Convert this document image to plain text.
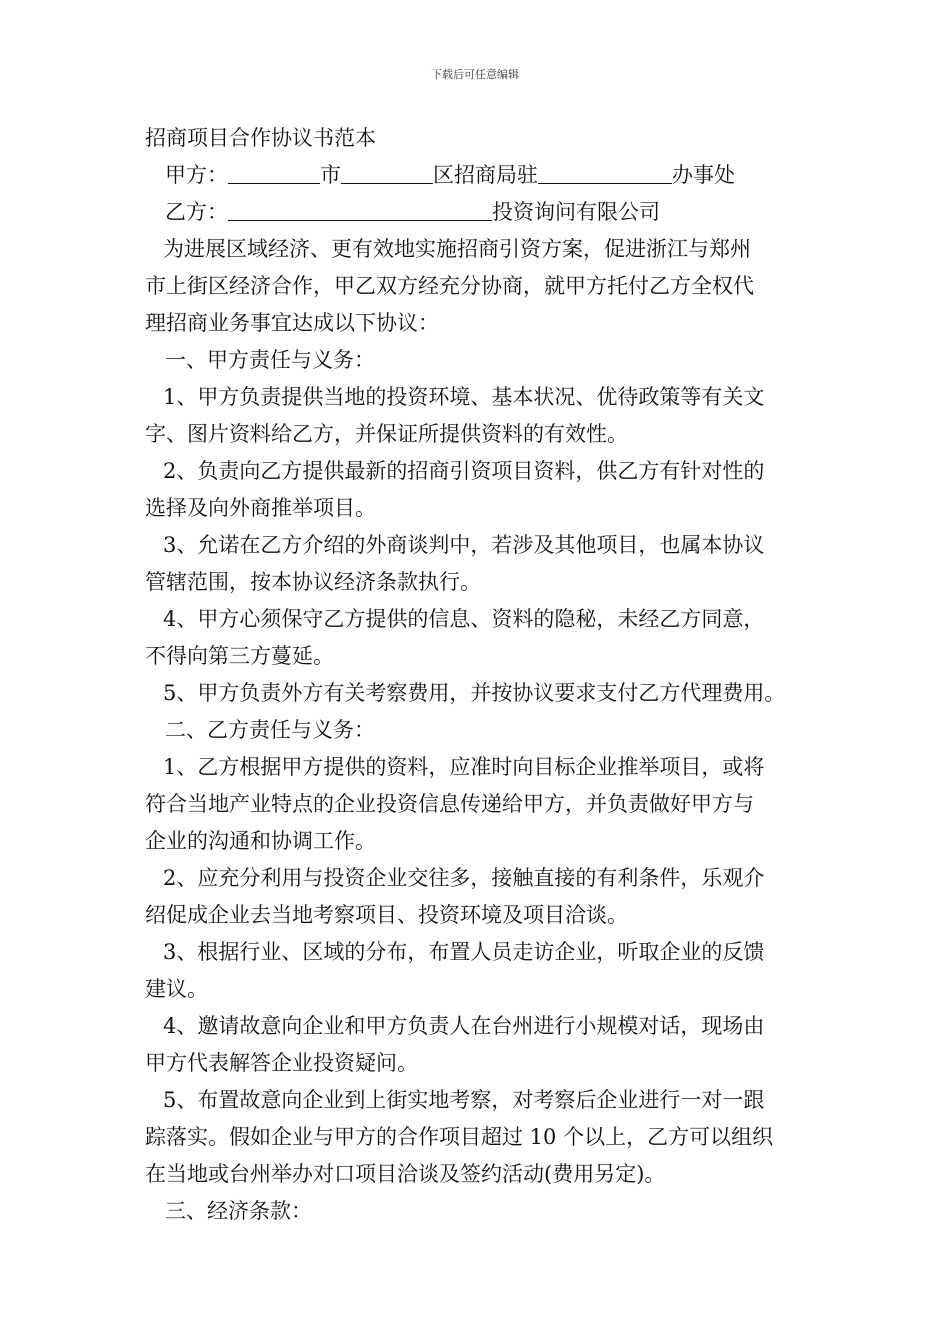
下载后可任意编辑
招商项目合作协议书范本
甲方：	市	区招商局驻	办事处
乙方：	投资询问有限公司
为进展区域经济、更有效地实施招商引资方案，促进浙江与郑州
市上街区经济合作，甲乙双方经充分协商，就甲方托付乙方全权代
理招商业务事宜达成以下协议：
一、甲方责任与义务：
1、甲方负责提供当地的投资环境、基本状况、优待政策等有关文
字、图片资料给乙方，并保证所提供资料的有效性。
2、负责向乙方提供最新的招商引资项目资料，供乙方有针对性的
选择及向外商推举项目。
3、允诺在乙方介绍的外商谈判中，若涉及其他项目，也属本协议
管辖范围，按本协议经济条款执行。
4、甲方心须保守乙方提供的信息、资料的隐秘，未经乙方同意，
不得向第三方蔓延。
5、甲方负责外方有关考察费用，并按协议要求支付乙方代理费用。
二、乙方责任与义务：
1、乙方根据甲方提供的资料，应准时向目标企业推举项目，或将
符合当地产业特点的企业投资信息传递给甲方，并负责做好甲方与
企业的沟通和协调工作。
2、应充分利用与投资企业交往多，接触直接的有利条件，乐观介
绍促成企业去当地考察项目、投资环境及项目洽谈。
3、根据行业、区域的分布，布置人员走访企业，听取企业的反馈
建议。
4、邀请故意向企业和甲方负责人在台州进行小规模对话，现场由
甲方代表解答企业投资疑问。
5、布置故意向企业到上街实地考察，对考察后企业进行一对一跟
踪落实。假如企业与甲方的合作项目超过 10 个以上，乙方可以组织
在当地或台州举办对口项目洽谈及签约活动(费用另定)。
三、经济条款：
